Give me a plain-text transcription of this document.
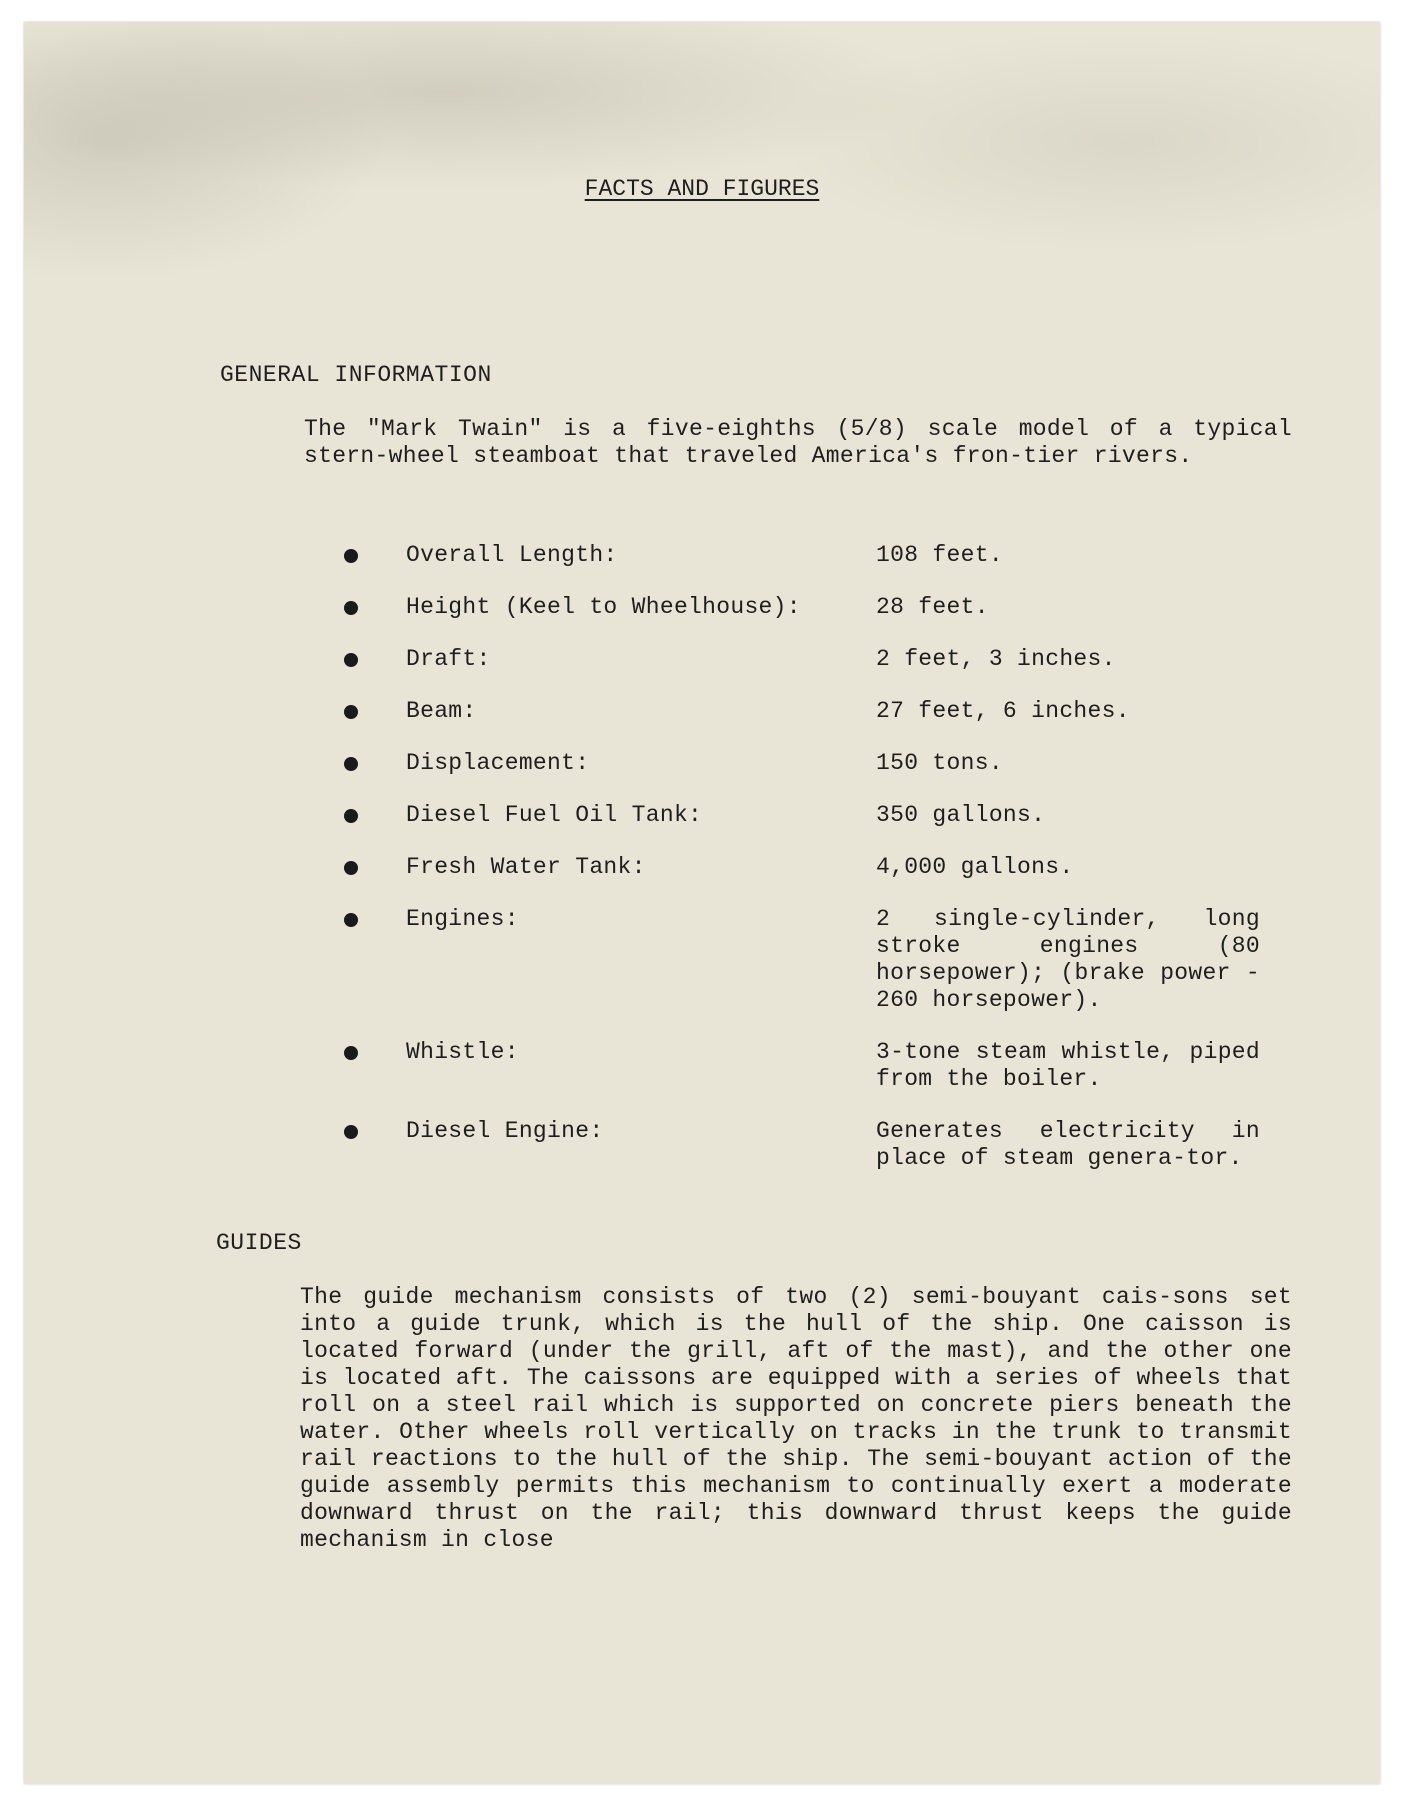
FACTS AND FIGURES
GENERAL INFORMATION
The "Mark Twain" is a five-eighths (5/8) scale model of a typical stern-wheel steamboat that traveled America's fron-tier rivers.
Overall Length:	108 feet.
Height (Keel to Wheelhouse):	28 feet.
Draft:	2 feet, 3 inches.
Beam:	27 feet, 6 inches.
Displacement:	150 tons.
Diesel Fuel Oil Tank:	350 gallons.
Fresh Water Tank:	4,000 gallons.
Engines:	2 single-cylinder, long stroke engines (80 horsepower); (brake power - 260 horsepower).
Whistle:	3-tone steam whistle, piped from the boiler.
Diesel Engine:	Generates electricity in place of steam genera-tor.
GUIDES
The guide mechanism consists of two (2) semi-bouyant cais-sons set into a guide trunk, which is the hull of the ship. One caisson is located forward (under the grill, aft of the mast), and the other one is located aft. The caissons are equipped with a series of wheels that roll on a steel rail which is supported on concrete piers beneath the water. Other wheels roll vertically on tracks in the trunk to transmit rail reactions to the hull of the ship. The semi-bouyant action of the guide assembly permits this mechanism to continually exert a moderate downward thrust on the rail; this downward thrust keeps the guide mechanism in close
